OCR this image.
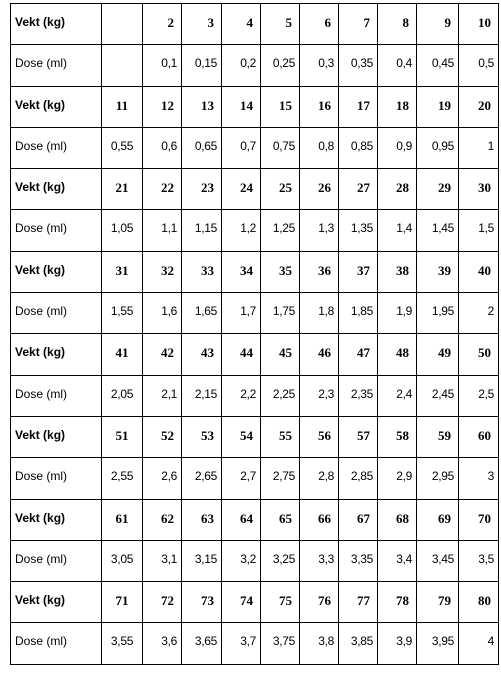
Vekt (kg)		2	3	4	5	6	7	8	9	10
Dose (ml)		0,1	0,15	0,2	0,25	0,3	0,35	0,4	0,45	0,5
Vekt (kg)	11	12	13	14	15	16	17	18	19	20
Dose (ml)	0,55	0,6	0,65	0,7	0,75	0,8	0,85	0,9	0,95	1
Vekt (kg)	21	22	23	24	25	26	27	28	29	30
Dose (ml)	1,05	1,1	1,15	1,2	1,25	1,3	1,35	1,4	1,45	1,5
Vekt (kg)	31	32	33	34	35	36	37	38	39	40
Dose (ml)	1,55	1,6	1,65	1,7	1,75	1,8	1,85	1,9	1,95	2
Vekt (kg)	41	42	43	44	45	46	47	48	49	50
Dose (ml)	2,05	2,1	2,15	2,2	2,25	2,3	2,35	2,4	2,45	2,5
Vekt (kg)	51	52	53	54	55	56	57	58	59	60
Dose (ml)	2,55	2,6	2,65	2,7	2,75	2,8	2,85	2,9	2,95	3
Vekt (kg)	61	62	63	64	65	66	67	68	69	70
Dose (ml)	3,05	3,1	3,15	3,2	3,25	3,3	3,35	3,4	3,45	3,5
Vekt (kg)	71	72	73	74	75	76	77	78	79	80
Dose (ml)	3,55	3,6	3,65	3,7	3,75	3,8	3,85	3,9	3,95	4
